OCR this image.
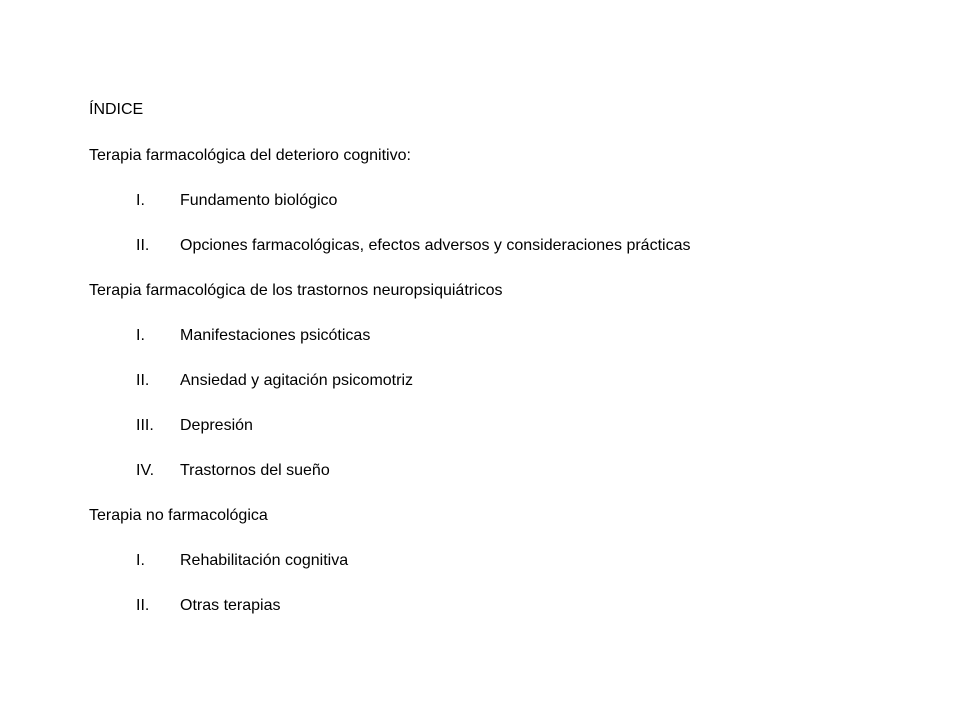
ÍNDICE
Terapia farmacológica del deterioro cognitivo:
I. Fundamento biológico
II. Opciones farmacológicas, efectos adversos y consideraciones prácticas
Terapia farmacológica de los trastornos neuropsiquiátricos
I. Manifestaciones psicóticas
II. Ansiedad y agitación psicomotriz
III. Depresión
IV. Trastornos del sueño
Terapia no farmacológica
I. Rehabilitación cognitiva
II. Otras terapias
